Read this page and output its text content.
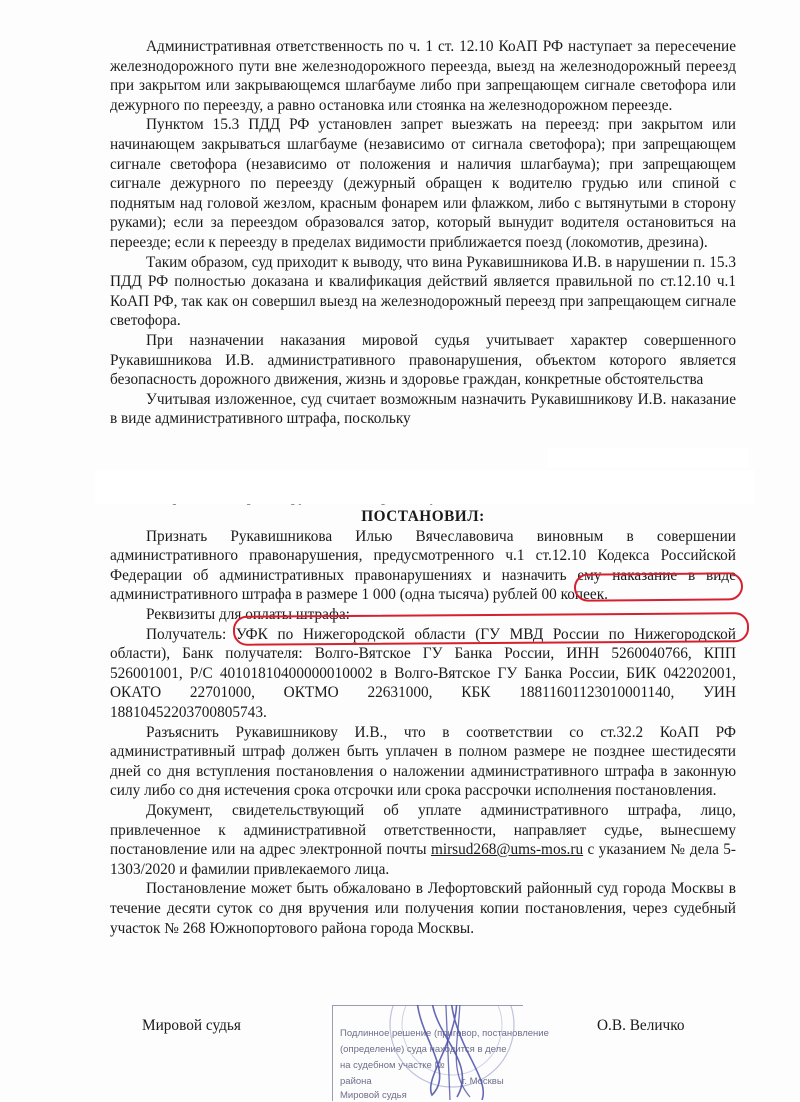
Административная ответственность по ч. 1 ст. 12.10 КоАП РФ наступает за пересечение железнодорожного пути вне железнодорожного переезда, выезд на железнодорожный переезд при закрытом или закрывающемся шлагбауме либо при запрещающем сигнале светофора или дежурного по переезду, а равно остановка или стоянка на железнодорожном переезде.

Пунктом 15.3 ПДД РФ установлен запрет выезжать на переезд: при закрытом или начинающем закрываться шлагбауме (независимо от сигнала светофора); при запрещающем сигнале светофора (независимо от положения и наличия шлагбаума); при запрещающем сигнале дежурного по переезду (дежурный обращен к водителю грудью или спиной с поднятым над головой жезлом, красным фонарем или флажком, либо с вытянутыми в сторону руками); если за переездом образовался затор, который вынудит водителя остановиться на переезде; если к переезду в пределах видимости приближается поезд (локомотив, дрезина).

Таким образом, суд приходит к выводу, что вина Рукавишникова И.В. в нарушении п. 15.3 ПДД РФ полностью доказана и квалификация действий является правильной по ст.12.10 ч.1 КоАП РФ, так как он совершил выезд на железнодорожный переезд при запрещающем сигнале светофора.

При назначении наказания мировой судья учитывает характер совершенного Рукавишникова И.В. административного правонарушения, объектом которого является безопасность дорожного движения, жизнь и здоровье граждан, конкретные обстоятельства

Учитывая изложенное, суд считает возможным назначить Рукавишникову И.В. наказание в виде административного штрафа, поскольку

ПОСТАНОВИЛ:

Признать Рукавишникова Илью Вячеславовича виновным в совершении административного правонарушения, предусмотренного ч.1 ст.12.10 Кодекса Российской Федерации об административных правонарушениях и назначить ему наказание в виде административного штрафа в размере 1 000 (одна тысяча) рублей 00 копеек.

Реквизиты для оплаты штрафа:

Получатель: УФК по Нижегородской области (ГУ МВД России по Нижегородской области), Банк получателя: Волго-Вятское ГУ Банка России, ИНН 5260040766, КПП 526001001, Р/С 40101810400000010002 в Волго-Вятское ГУ Банка России, БИК 042202001, ОКАТО 22701000, ОКТМО 22631000, КБК 18811601123010001140, УИН 18810452203700805743.

Разъяснить Рукавишникову И.В., что в соответствии со ст.32.2 КоАП РФ административный штраф должен быть уплачен в полном размере не позднее шестидесяти дней со дня вступления постановления о наложении административного штрафа в законную силу либо со дня истечения срока отсрочки или срока рассрочки исполнения постановления.

Документ, свидетельствующий об уплате административного штрафа, лицо, привлеченное к административной ответственности, направляет судье, вынесшему постановление или на адрес электронной почты mirsud268@ums-mos.ru с указанием № дела 5-1303/2020 и фамилии привлекаемого лица.

Постановление может быть обжаловано в Лефортовский районный суд города Москвы в течение десяти суток со дня вручения или получения копии постановления, через судебный участок № 268 Южнопортового района города Москвы.

Мировой судья	О.В. Величко
Подлинное решение (приговор, постановление
(определение) суда находится в деле
на судебном участке №
района	г. Москвы
Мировой судья
